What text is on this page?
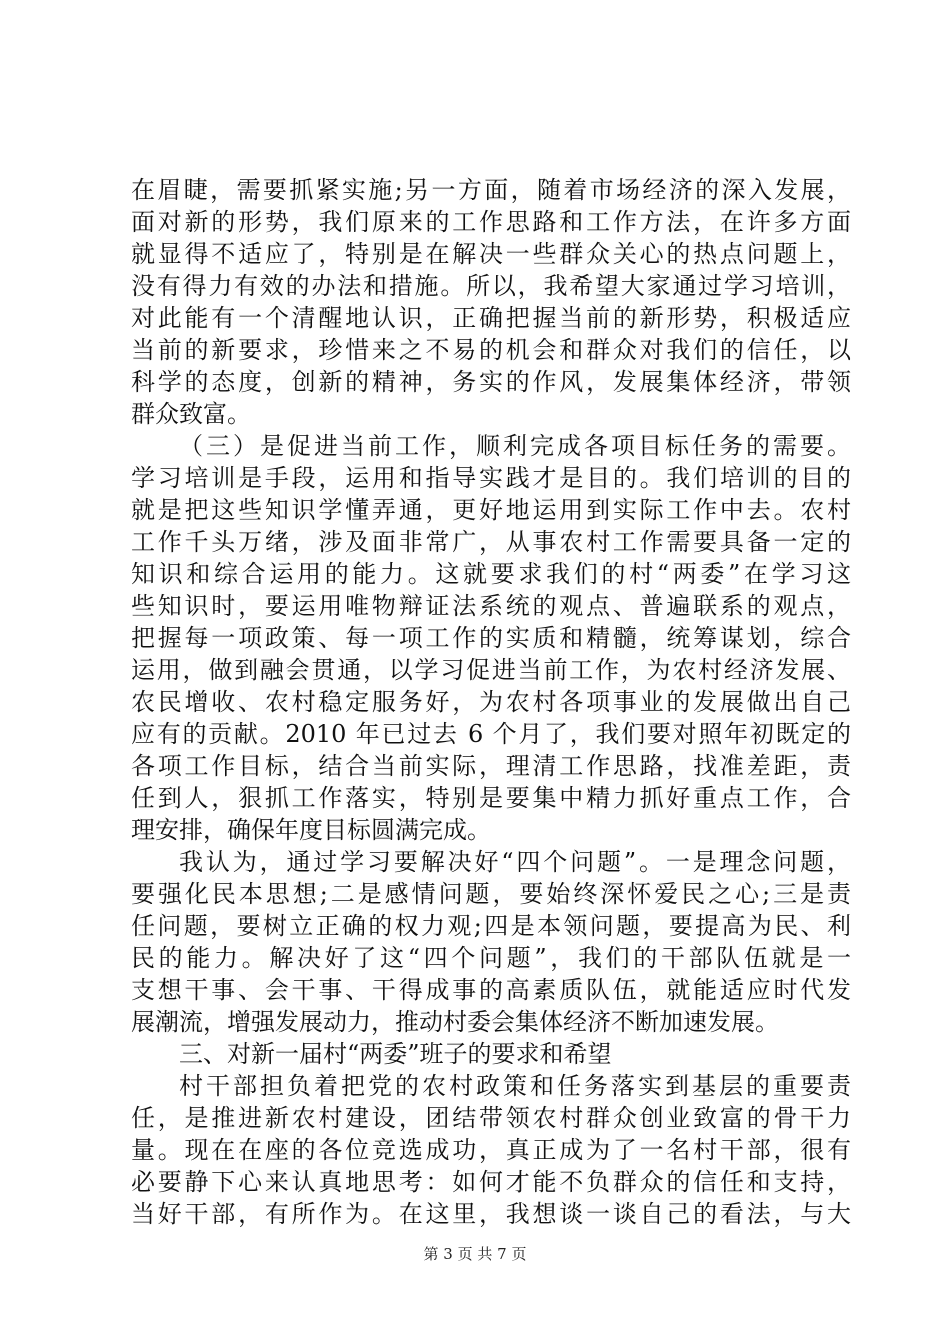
在眉睫，需要抓紧实施;另一方面，随着市场经济的深入发展，
面对新的形势，我们原来的工作思路和工作方法，在许多方面
就显得不适应了，特别是在解决一些群众关心的热点问题上，
没有得力有效的办法和措施。所以，我希望大家通过学习培训，
对此能有一个清醒地认识，正确把握当前的新形势，积极适应
当前的新要求，珍惜来之不易的机会和群众对我们的信任，以
科学的态度，创新的精神，务实的作风，发展集体经济，带领
群众致富。
（三）是促进当前工作，顺利完成各项目标任务的需要。
学习培训是手段，运用和指导实践才是目的。我们培训的目的
就是把这些知识学懂弄通，更好地运用到实际工作中去。农村
工作千头万绪，涉及面非常广，从事农村工作需要具备一定的
知识和综合运用的能力。这就要求我们的村“两委”在学习这
些知识时，要运用唯物辩证法系统的观点、普遍联系的观点，
把握每一项政策、每一项工作的实质和精髓，统筹谋划，综合
运用，做到融会贯通，以学习促进当前工作，为农村经济发展、
农民增收、农村稳定服务好，为农村各项事业的发展做出自己
应有的贡献。2010 年已过去 6 个月了，我们要对照年初既定的
各项工作目标，结合当前实际，理清工作思路，找准差距，责
任到人，狠抓工作落实，特别是要集中精力抓好重点工作，合
理安排，确保年度目标圆满完成。
我认为，通过学习要解决好“四个问题”。一是理念问题，
要强化民本思想;二是感情问题，要始终深怀爱民之心;三是责
任问题，要树立正确的权力观;四是本领问题，要提高为民、利
民的能力。解决好了这“四个问题”，我们的干部队伍就是一
支想干事、会干事、干得成事的高素质队伍，就能适应时代发
展潮流，增强发展动力，推动村委会集体经济不断加速发展。
三、对新一届村“两委”班子的要求和希望
村干部担负着把党的农村政策和任务落实到基层的重要责
任，是推进新农村建设，团结带领农村群众创业致富的骨干力
量。现在在座的各位竞选成功，真正成为了一名村干部，很有
必要静下心来认真地思考：如何才能不负群众的信任和支持，
当好干部，有所作为。在这里，我想谈一谈自己的看法，与大
第 3 页 共 7 页
